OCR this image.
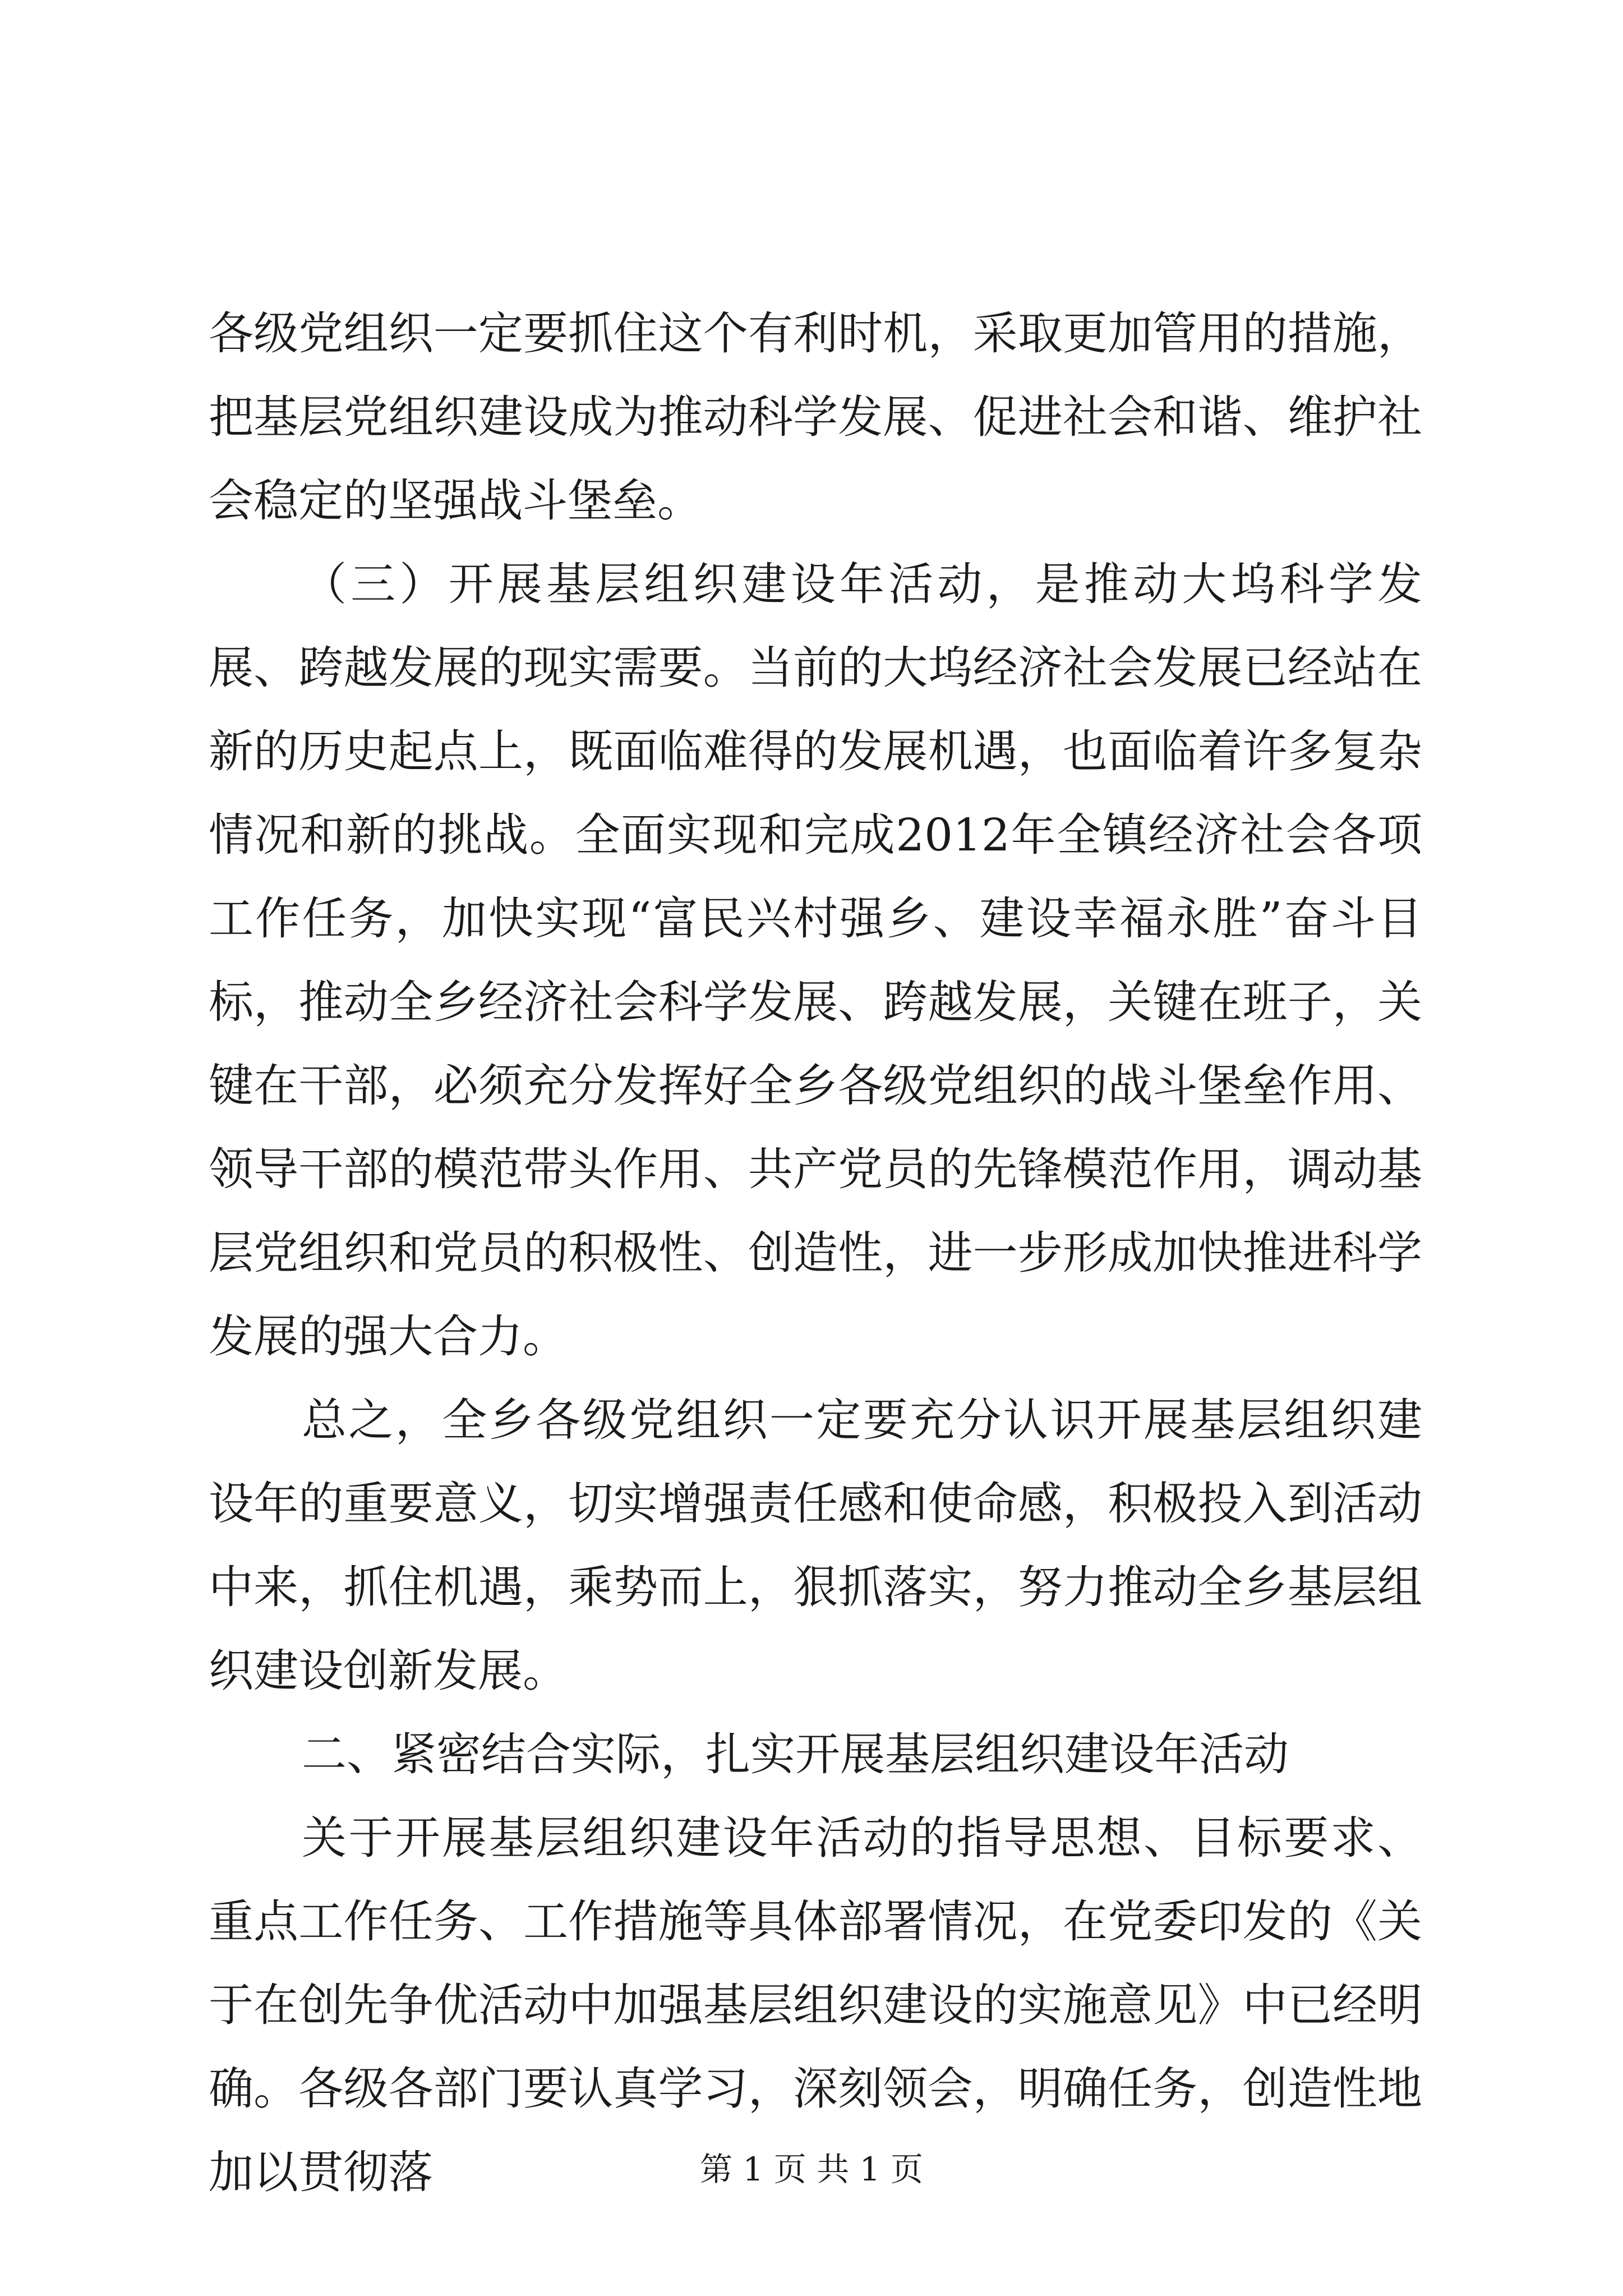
各级党组织一定要抓住这个有利时机，采取更加管用的措施，把基层党组织建设成为推动科学发展、促进社会和谐、维护社会稳定的坚强战斗堡垒。

（三）开展基层组织建设年活动，是推动大坞科学发展、跨越发展的现实需要。当前的大坞经济社会发展已经站在新的历史起点上，既面临难得的发展机遇，也面临着许多复杂情况和新的挑战。全面实现和完成2012年全镇经济社会各项工作任务，加快实现“富民兴村强乡、建设幸福永胜”奋斗目标，推动全乡经济社会科学发展、跨越发展，关键在班子，关键在干部，必须充分发挥好全乡各级党组织的战斗堡垒作用、领导干部的模范带头作用、共产党员的先锋模范作用，调动基层党组织和党员的积极性、创造性，进一步形成加快推进科学发展的强大合力。

总之，全乡各级党组织一定要充分认识开展基层组织建设年的重要意义，切实增强责任感和使命感，积极投入到活动中来，抓住机遇，乘势而上，狠抓落实，努力推动全乡基层组织建设创新发展。

二、紧密结合实际，扎实开展基层组织建设年活动

关于开展基层组织建设年活动的指导思想、目标要求、重点工作任务、工作措施等具体部署情况，在党委印发的《关于在创先争优活动中加强基层组织建设的实施意见》中已经明确。各级各部门要认真学习，深刻领会，明确任务，创造性地加以贯彻落	第 1 页 共 1 页
